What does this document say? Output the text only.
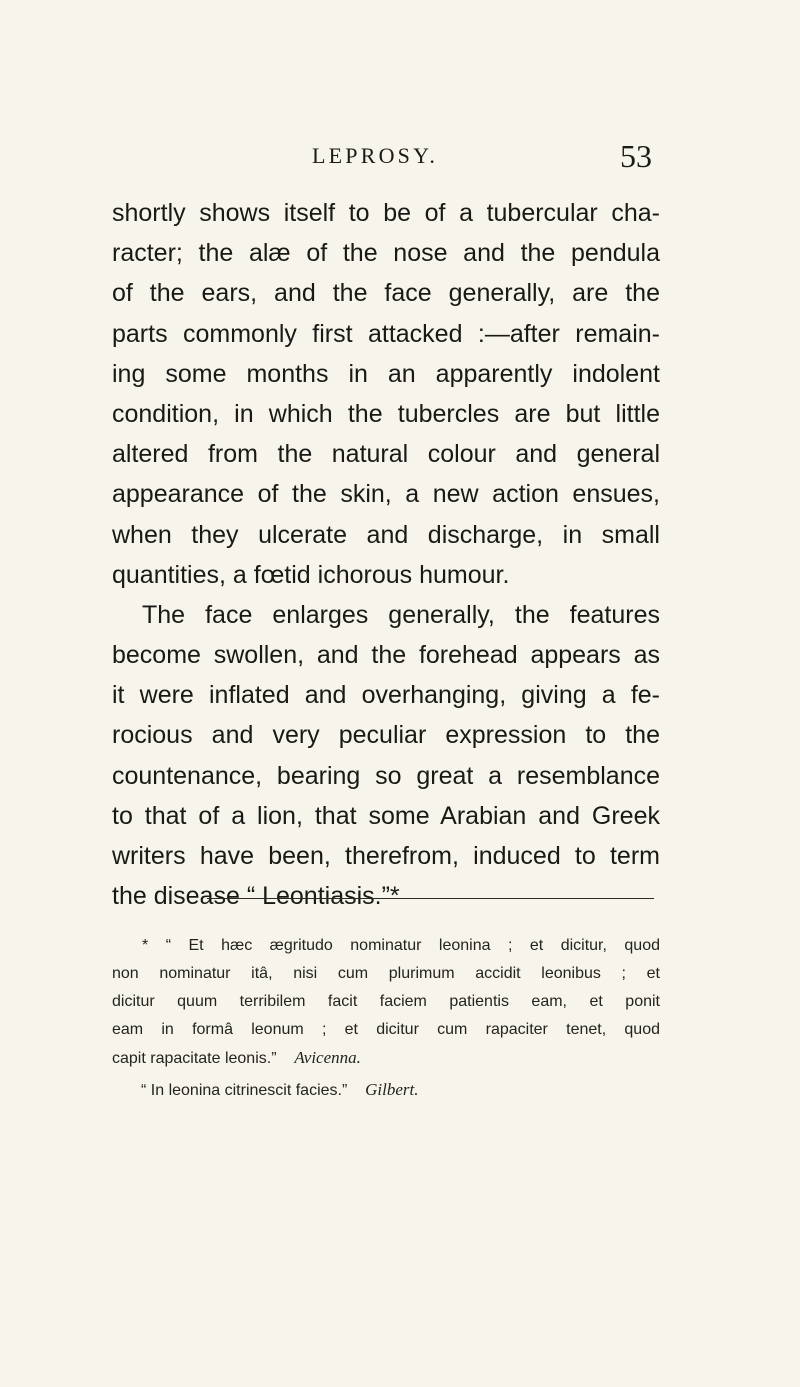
LEPROSY.	53
shortly shows itself to be of a tubercular cha-
racter; the alæ of the nose and the pendula
of the ears, and the face generally, are the
parts commonly first attacked :—after remain-
ing some months in an apparently indolent
condition, in which the tubercles are but little
altered from the natural colour and general
appearance of the skin, a new action ensues,
when they ulcerate and discharge, in small
quantities, a fœtid ichorous humour.
The face enlarges generally, the features
become swollen, and the forehead appears as
it were inflated and overhanging, giving a fe-
rocious and very peculiar expression to the
countenance, bearing so great a resemblance
to that of a lion, that some Arabian and Greek
writers have been, therefrom, induced to term
the disease “ Leontiasis.”*
* “ Et hæc ægritudo nominatur leonina ; et dicitur, quod
non nominatur itâ, nisi cum plurimum accidit leonibus ; et
dicitur quum terribilem facit faciem patientis eam, et ponit
eam in formâ leonum ; et dicitur cum rapaciter tenet, quod
capit rapacitate leonis.” Avicenna.
“ In leonina citrinescit facies.” Gilbert.
